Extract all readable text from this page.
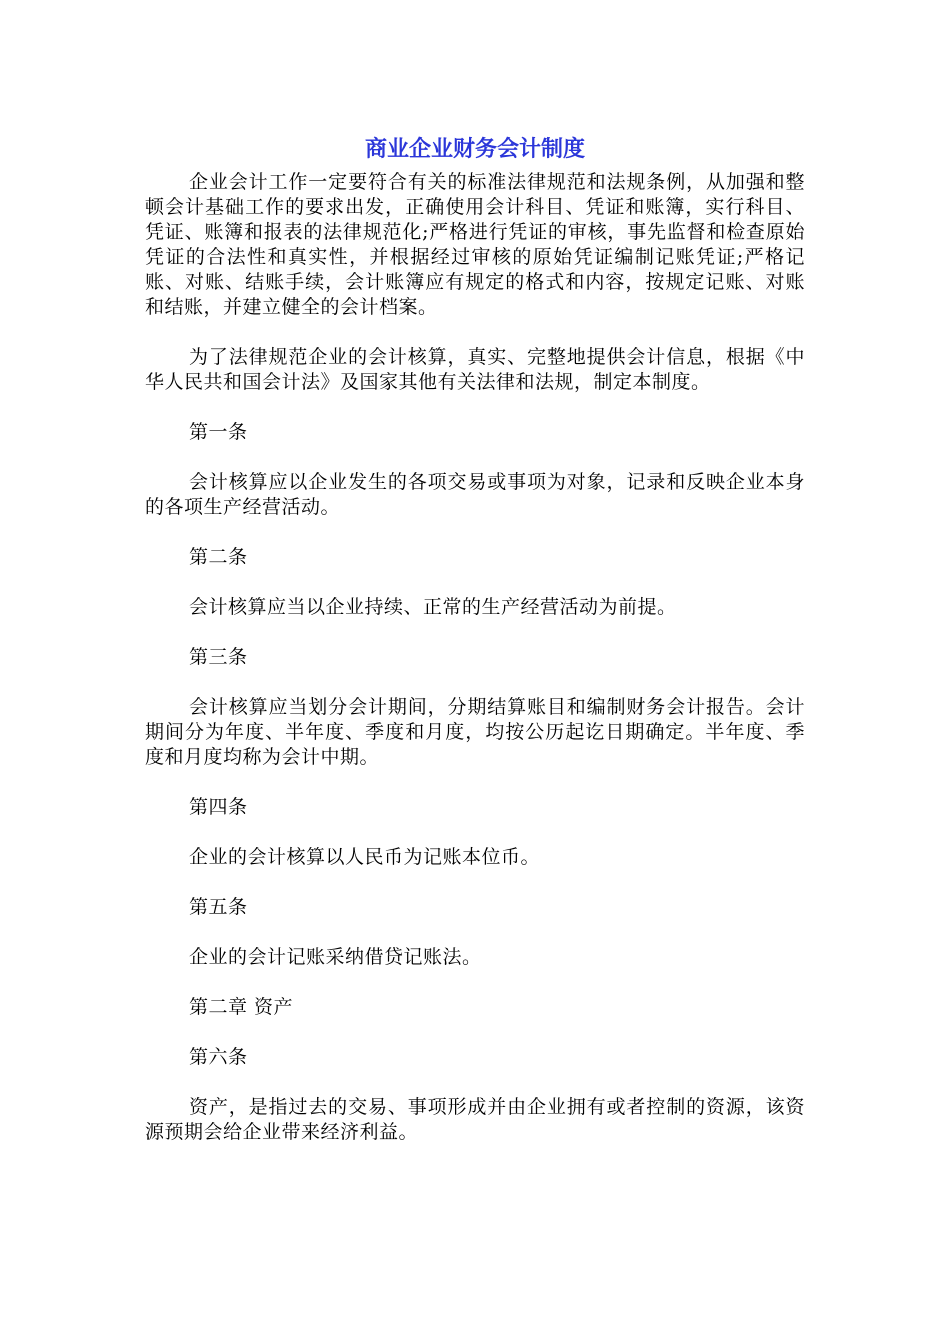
商业企业财务会计制度

企业会计工作一定要符合有关的标准法律规范和法规条例，从加强和整顿会计基础工作的要求出发，正确使用会计科目、凭证和账簿，实行科目、凭证、账簿和报表的法律规范化;严格进行凭证的审核，事先监督和检查原始凭证的合法性和真实性，并根据经过审核的原始凭证编制记账凭证;严格记账、对账、结账手续，会计账簿应有规定的格式和内容，按规定记账、对账和结账，并建立健全的会计档案。

为了法律规范企业的会计核算，真实、完整地提供会计信息，根据《中华人民共和国会计法》及国家其他有关法律和法规，制定本制度。

第一条

会计核算应以企业发生的各项交易或事项为对象，记录和反映企业本身的各项生产经营活动。

第二条

会计核算应当以企业持续、正常的生产经营活动为前提。

第三条

会计核算应当划分会计期间，分期结算账目和编制财务会计报告。会计期间分为年度、半年度、季度和月度，均按公历起讫日期确定。半年度、季度和月度均称为会计中期。

第四条

企业的会计核算以人民币为记账本位币。

第五条

企业的会计记账采纳借贷记账法。

第二章 资产

第六条

资产，是指过去的交易、事项形成并由企业拥有或者控制的资源，该资源预期会给企业带来经济利益。
